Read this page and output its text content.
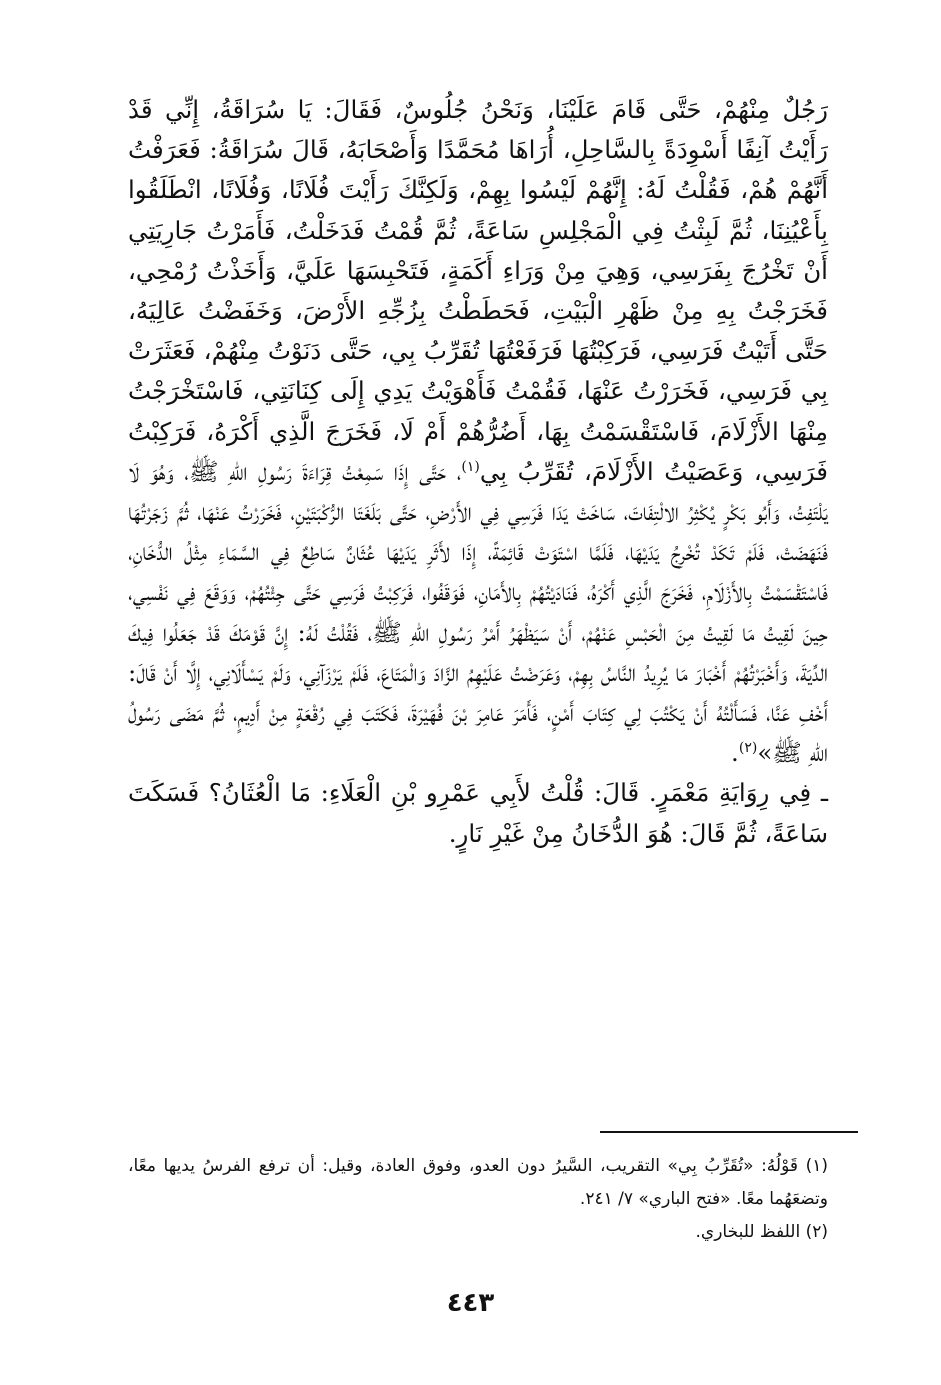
رَجُلٌ مِنْهُمْ، حَتَّى قَامَ عَلَيْنَا، وَنَحْنُ جُلُوسٌ، فَقَالَ: يَا سُرَاقَةُ، إِنِّي قَدْ رَأَيْتُ آنِفًا أَسْوِدَةً بِالسَّاحِلِ، أُرَاهَا مُحَمَّدًا وَأَصْحَابَهُ، قَالَ سُرَاقَةُ: فَعَرَفْتُ أَنَّهُمْ هُمْ، فَقُلْتُ لَهُ: إِنَّهُمْ لَيْسُوا بِهِمْ، وَلَكِنَّكَ رَأَيْتَ فُلَانًا، وَفُلَانًا، انْطَلَقُوا بِأَعْيُنِنَا، ثُمَّ لَبِثْتُ فِي الْمَجْلِسِ سَاعَةً، ثُمَّ قُمْتُ فَدَخَلْتُ، فَأَمَرْتُ جَارِيَتِي أَنْ تَخْرُجَ بِفَرَسِي، وَهِيَ مِنْ وَرَاءِ أَكَمَةٍ، فَتَحْبِسَهَا عَلَيَّ، وَأَخَذْتُ رُمْحِي، فَخَرَجْتُ بِهِ مِنْ ظَهْرِ الْبَيْتِ، فَحَطَطْتُ بِزُجِّهِ الأَرْضَ، وَخَفَضْتُ عَالِيَهُ، حَتَّى أَتَيْتُ فَرَسِي، فَرَكِبْتُهَا فَرَفَعْتُهَا تُقَرِّبُ بِي، حَتَّى دَنَوْتُ مِنْهُمْ، فَعَثَرَتْ بِي فَرَسِي، فَخَرَرْتُ عَنْهَا، فَقُمْتُ فَأَهْوَيْتُ يَدِي إِلَى كِنَانَتِي، فَاسْتَخْرَجْتُ مِنْهَا الأَزْلَامَ، فَاسْتَقْسَمْتُ بِهَا، أَضُرُّهُمْ أَمْ لَا، فَخَرَجَ الَّذِي أَكْرَهُ، فَرَكِبْتُ فَرَسِي، وَعَصَيْتُ الأَزْلَامَ، تُقَرِّبُ بِي$^{(١)}$، حَتَّى إِذَا سَمِعْتُ قِرَاءَةَ رَسُولِ اللهِ ﷺ، وَهُوَ لَا يَلْتَفِتُ، وَأَبُو بَكْرٍ يُكْثِرُ الالْتِفَاتَ، سَاخَتْ يَدَا فَرَسِي فِي الأَرْضِ، حَتَّى بَلَغَتَا الرُّكْبَتَيْنِ، فَخَرَرْتُ عَنْهَا، ثُمَّ زَجَرْتُهَا فَنَهَضَتْ، فَلَمْ تَكَدْ تُخْرِجُ يَدَيْهَا، فَلَمَّا اسْتَوَتْ قَائِمَةً، إِذَا لأَثَرِ يَدَيْهَا عُثَانٌ سَاطِعٌ فِي السَّمَاءِ مِثْلُ الدُّخَانِ، فَاسْتَقْسَمْتُ بِالأَزْلَامِ، فَخَرَجَ الَّذِي أَكْرَهُ، فَنَادَيْتُهُمْ بِالأَمَانِ، فَوَقَفُوا، فَرَكِبْتُ فَرَسِي حَتَّى جِئْتُهُمْ، وَوَقَعَ فِي نَفْسِي، حِينَ لَقِيتُ مَا لَقِيتُ مِنَ الْحَبْسِ عَنْهُمْ، أَنْ سَيَظْهَرُ أَمْرُ رَسُولِ اللهِ ﷺ، فَقُلْتُ لَهُ: إِنَّ قَوْمَكَ قَدْ جَعَلُوا فِيكَ الدِّيَةَ، وَأَخْبَرْتُهُمْ أَخْبَارَ مَا يُرِيدُ النَّاسُ بِهِمْ، وَعَرَضْتُ عَلَيْهِمُ الزَّادَ وَالْمَتَاعَ، فَلَمْ يَرْزَآنِي، وَلَمْ يَسْأَلَانِي، إِلَّا أَنْ قَالَ: أَخْفِ عَنَّا، فَسَأَلْتُهُ أَنْ يَكْتُبَ لِي كِتَابَ أَمْنٍ، فَأَمَرَ عَامِرَ بْنَ فُهَيْرَةَ، فَكَتَبَ فِي رُقْعَةٍ مِنْ أَدِيمٍ، ثُمَّ مَضَى رَسُولُ اللهِ ﷺ»$^{(٢)}$.

ـ فِي رِوَايَةِ مَعْمَرٍ. قَالَ: قُلْتُ لأَبِي عَمْرِو بْنِ الْعَلَاءِ: مَا الْعُثَانُ؟ فَسَكَتَ سَاعَةً، ثُمَّ قَالَ: هُوَ الدُّخَانُ مِنْ غَيْرِ نَارٍ.

(١) قَوْلُهُ: «تُقَرِّبُ بِي» التقريب، السَّيرُ دون العدو، وفوق العادة، وقيل: أن ترفع الفرسُ يديها معًا، وتضعَهُما معًا. «فتح الباري» ٧/ ٢٤١.

(٢) اللفظ للبخاري.

٤٤٣
